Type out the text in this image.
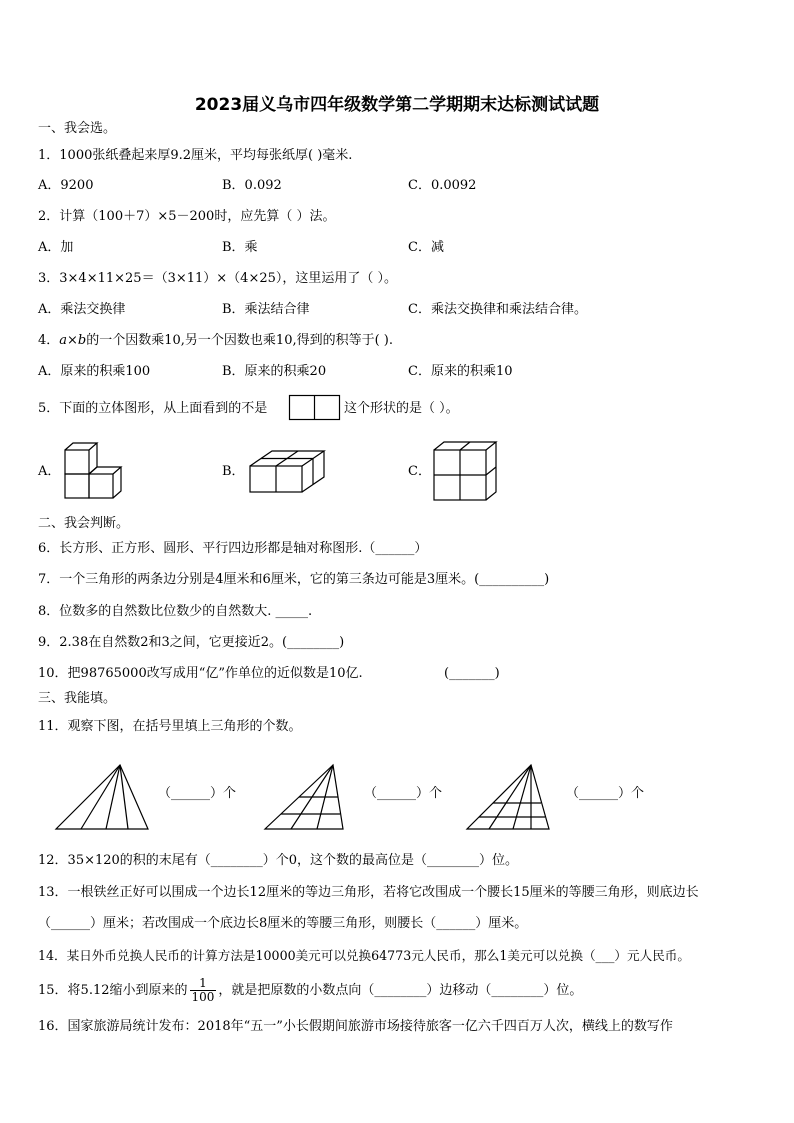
2023届义乌市四年级数学第二学期期末达标测试试题
一、我会选。
1．1000张纸叠起来厚9.2厘米，平均每张纸厚( )毫米.
A．9200	B．0.092	C．0.0092
2．计算（100＋7）×5－200时，应先算（ ）法。
A．加	B．乘	C．减
3．3×4×11×25＝（3×11）×（4×25），这里运用了（ ）。
A．乘法交换律	B．乘法结合律	C．乘法交换律和乘法结合律。
4．a×b的一个因数乘10,另一个因数也乘10,得到的积等于( ).
A．原来的积乘100	B．原来的积乘20	C．原来的积乘10
5．下面的立体图形，从上面看到的不是	这个形状的是（ ）。
A．	B．	C．
二、我会判断。
6．长方形、正方形、圆形、平行四边形都是轴对称图形.（______）
7．一个三角形的两条边分别是4厘米和6厘米，它的第三条边可能是3厘米。(__________)
8．位数多的自然数比位数少的自然数大. _____.
9．2.38在自然数2和3之间，它更接近2。(________)
10．把98765000改写成用“亿”作单位的近似数是10亿.	(_______)
三、我能填。
11．观察下图，在括号里填上三角形的个数。
（______）个	（______）个	（______）个
12．35×120的积的末尾有（________）个0，这个数的最高位是（________）位。
13．一根铁丝正好可以围成一个边长12厘米的等边三角形，若将它改围成一个腰长15厘米的等腰三角形，则底边长
（______）厘米；若改围成一个底边长8厘米的等腰三角形，则腰长（______）厘米。
14．某日外币兑换人民币的计算方法是10000美元可以兑换64773元人民币，那么1美元可以兑换（___）元人民币。
15．将5.12缩小到原来的 $\frac{1}{100}$ ，就是把原数的小数点向（________）边移动（________）位。
16．国家旅游局统计发布：2018年“五一”小长假期间旅游市场接待旅客一亿六千四百万人次，横线上的数写作
